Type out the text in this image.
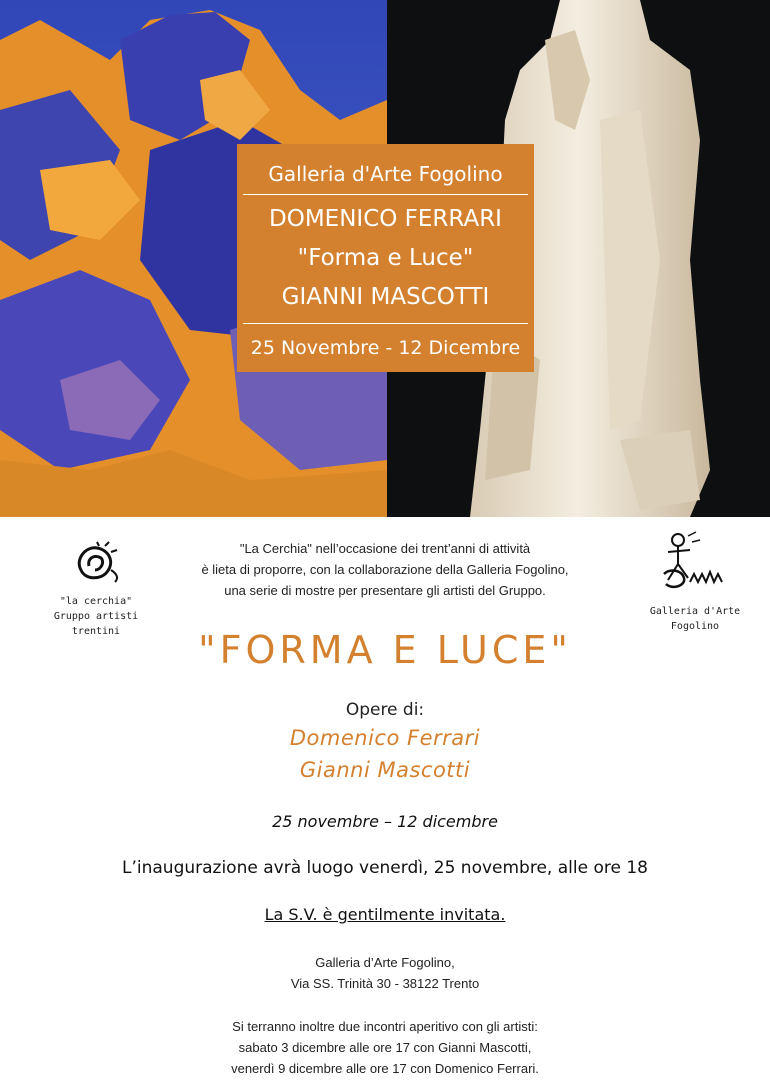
Galleria d'Arte Fogolino
DOMENICO FERRARI
"Forma e Luce"
GIANNI MASCOTTI
25 Novembre - 12 Dicembre
"la cerchia"
Gruppo artisti
trentini
Galleria d'Arte
Fogolino
"La Cerchia" nell’occasione dei trent’anni di attività
è lieta di proporre, con la collaborazione della Galleria Fogolino,
una serie di mostre per presentare gli artisti del Gruppo.
"FORMA E LUCE"
Opere di:
Domenico Ferrari
Gianni Mascotti
25 novembre – 12 dicembre
L’inaugurazione avrà luogo venerdì, 25 novembre, alle ore 18
La S.V. è gentilmente invitata.
Galleria d’Arte Fogolino,
Via SS. Trinità 30 - 38122 Trento
Si terranno inoltre due incontri aperitivo con gli artisti:
sabato 3 dicembre alle ore 17 con Gianni Mascotti,
venerdì 9 dicembre alle ore 17 con Domenico Ferrari.
